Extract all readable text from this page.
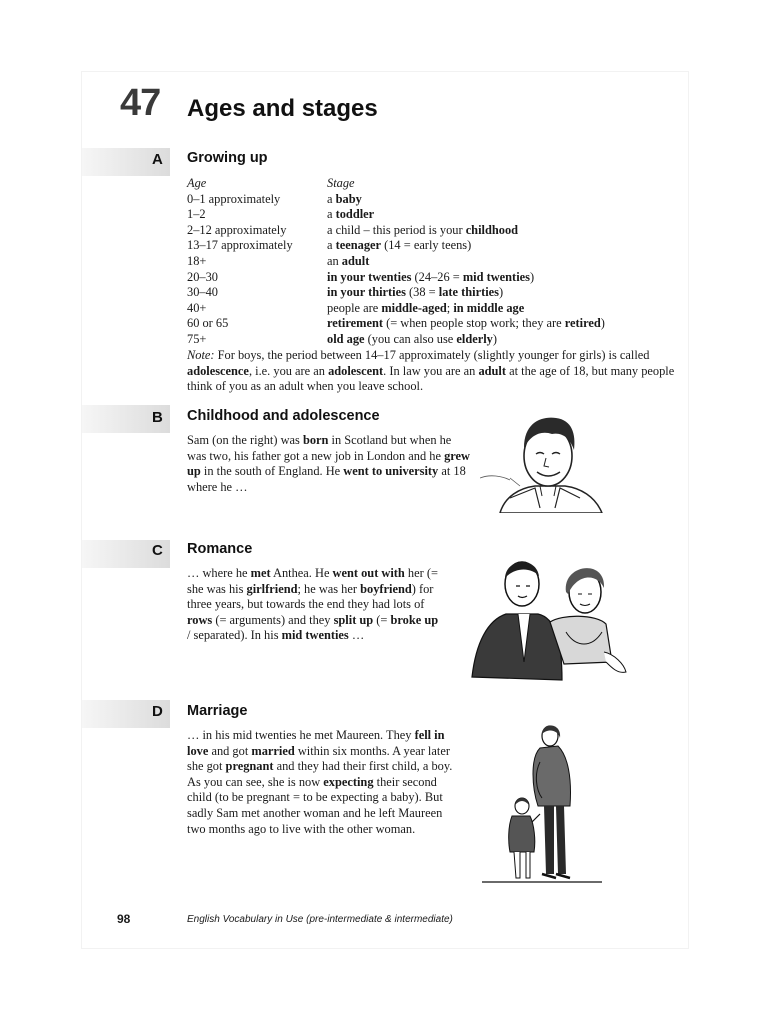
47 Ages and stages
A Growing up
Age	Stage
0–1 approximately	a baby
1–2	a toddler
2–12 approximately	a child – this period is your childhood
13–17 approximately	a teenager (14 = early teens)
18+	an adult
20–30	in your twenties (24–26 = mid twenties)
30–40	in your thirties (38 = late thirties)
40+	people are middle-aged; in middle age
60 or 65	retirement (= when people stop work; they are retired)
75+	old age (you can also use elderly)
Note: For boys, the period between 14–17 approximately (slightly younger for girls) is called adolescence, i.e. you are an adolescent. In law you are an adult at the age of 18, but many people think of you as an adult when you leave school.
B Childhood and adolescence
Sam (on the right) was born in Scotland but when he was two, his father got a new job in London and he grew up in the south of England. He went to university at 18 where he …
C Romance
… where he met Anthea. He went out with her (= she was his girlfriend; he was her boyfriend) for three years, but towards the end they had lots of rows (= arguments) and they split up (= broke up / separated). In his mid twenties …
D Marriage
… in his mid twenties he met Maureen. They fell in love and got married within six months. A year later she got pregnant and they had their first child, a boy. As you can see, she is now expecting their second child (to be pregnant = to be expecting a baby). But sadly Sam met another woman and he left Maureen two months ago to live with the other woman.
98	English Vocabulary in Use (pre-intermediate & intermediate)
